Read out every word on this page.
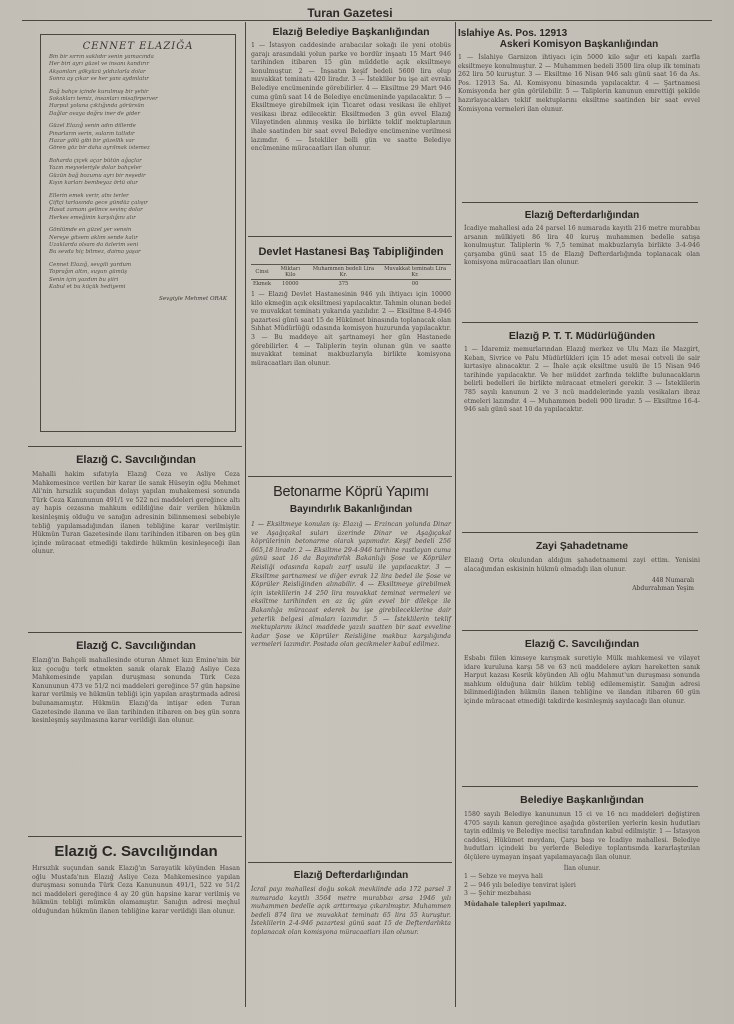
Turan Gazetesi

CENNET ELAZIĞA

Bin bir sırrın saklıdır senin yamacında

Her biri ayrı güzel ve insanı kandırır

Akşamları gökyüzü yıldızlarla dolar

Sonra ay çıkar ve her yanı aydınlatır

Bağ bahçe içinde kurulmuş bir şehir

Sokakları temiz, insanları misafirperver

Harput yoluna çıktığında görürsün

Dağlar ovaya doğru iner de gider

Güzel Elazığ senin adın dillerde

Pınarların serin, suların tatlıdır

Hazar gölü gibi bir güzellik var

Gören göz bir daha ayrılmak istemez

Baharda çiçek açar bütün ağaçlar

Yazın meyveleriyle dolar bahçeler

Güzün bağ bozumu ayrı bir neşedir

Kışın karları bembeyaz örtü olur

Ellerin emek verir, alnı terler

Çiftçi tarlasında gece gündüz çalışır

Hasat zamanı gelince sevinç dolar

Herkes emeğinin karşılığını alır

Gönlümde en güzel yer sensin

Nereye gitsem aklım sende kalır

Uzaklarda olsam da özlerim seni

Bu sevda hiç bitmez, daima yaşar

Cennet Elazığ, sevgili yurdum

Toprağın altın, suyun gümüş

Senin için yazdım bu şiiri

Kabul et bu küçük hediyemi

Sevgiyle Mehmet ORAK

Elazığ C. Savcılığından

Mahalli hakim sıfatıyla Elazığ Ceza ve Asliye Ceza Mahkemesince verilen bir karar ile sanık Hüseyin oğlu Mehmet Ali'nin hırsızlık suçundan dolayı yapılan muhakemesi sonunda Türk Ceza Kanununun 491/1 ve 522 nci maddeleri gereğince altı ay hapis cezasına mahkum edildiğine dair verilen hükmün kesinleşmiş olduğu ve sanığın adresinin bilinmemesi sebebiyle tebliğ yapılamadığından ilanen tebliğine karar verilmiştir. Hükmün Turan Gazetesinde ilanı tarihinden itibaren on beş gün içinde müracaat etmediği takdirde hükmün kesinleşeceği ilan olunur.

Elazığ C. Savcılığından

Elazığ'ın Bahçeli mahallesinde oturan Ahmet kızı Emine'nin bir kız çocuğu terk etmekten sanık olarak Elazığ Asliye Ceza Mahkemesinde yapılan duruşması sonunda Türk Ceza Kanununun 473 ve 51/2 nci maddeleri gereğince 57 gün hapsine karar verilmiş ve hükmün tebliği için yapılan araştırmada adresi bulunamamıştır. Hükmün Elazığ'da intişar eden Turan Gazetesinde ilanına ve ilan tarihinden itibaren on beş gün sonra kesinleşmiş sayılmasına karar verildiği ilan olunur.

Elazığ C. Savcılığından

Hırsızlık suçundan sanık Elazığ'ın Sarayatik köyünden Hasan oğlu Mustafa'nın Elazığ Asliye Ceza Mahkemesince yapılan duruşması sonunda Türk Ceza Kanununun 491/1, 522 ve 51/2 nci maddeleri gereğince 4 ay 20 gün hapsine karar verilmiş ve hükmün tebliği mümkün olamamıştır. Sanığın adresi meçhul olduğundan hükmün ilanen tebliğine karar verildiği ilan olunur.

Elazığ Belediye Başkanlığından

1 — İstasyon caddesinde arabacılar sokağı ile yeni otobüs garajı arasındaki yolun parke ve bordür inşaatı 15 Mart 946 tarihinden itibaren 15 gün müddetle açık eksiltmeye konulmuştur. 2 — İnşaatın keşif bedeli 5600 lira olup muvakkat teminatı 420 liradır. 3 — İstekliler bu işe ait evrakı Belediye encümeninde görebilirler. 4 — Eksiltme 29 Mart 946 cuma günü saat 14 de Belediye encümeninde yapılacaktır. 5 — Eksiltmeye girebilmek için Ticaret odası vesikası ile ehliyet vesikası ibraz edilecektir. Eksiltmeden 3 gün evvel Elazığ Vilayetinden alınmış vesika ile birlikte teklif mektuplarının ihale saatinden bir saat evvel Belediye encümenine verilmesi lazımdır. 6 — İstekliler belli gün ve saatte Belediye encümenine müracaatları ilan olunur.

Devlet Hastanesi Baş Tabipliğinden

Cinsi	Miktarı Kilo	Muhammen bedeli Lira Kr.	Muvakkat teminatı Lira Kr.
Ekmek	10000	375	00

1 — Elazığ Devlet Hastanesinin 946 yılı ihtiyacı için 10000 kilo ekmeğin açık eksiltmesi yapılacaktır. Tahmin olunan bedel ve muvakkat teminatı yukarıda yazılıdır. 2 — Eksiltme 8-4-946 pazartesi günü saat 15 de Hükümet binasında toplanacak olan Sıhhat Müdürlüğü odasında komisyon huzurunda yapılacaktır. 3 — Bu maddeye ait şartnameyi her gün Hastanede görebilirler. 4 — Taliplerin teyin olunan gün ve saatte muvakkat teminat makbuzlarıyla birlikte komisyona müracaatları ilan olunur.

Betonarme Köprü Yapımı

Bayındırlık Bakanlığından

1 — Eksiltmeye konulan iş: Elazığ — Erzincan yolunda Dinar ve Aşağıçakal suları üzerinde Dinar ve Aşağıçakal köprülerinin betonarme olarak yapımıdır. Keşif bedeli 256 665,18 liradır. 2 — Eksiltme 29-4-946 tarihine rastlayan cuma günü saat 16 da Bayındırlık Bakanlığı Şose ve Köprüler Reisliği odasında kapalı zarf usulü ile yapılacaktır. 3 — Eksiltme şartnamesi ve diğer evrak 12 lira bedel ile Şose ve Köprüler Reisliğinden alınabilir. 4 — Eksiltmeye girebilmek için isteklilerin 14 250 lira muvakkat teminat vermeleri ve eksiltme tarihinden en az üç gün evvel bir dilekçe ile Bakanlığa müracaat ederek bu işe girebileceklerine dair yeterlik belgesi almaları lazımdır. 5 — İsteklilerin teklif mektuplarını ikinci maddede yazılı saatten bir saat evveline kadar Şose ve Köprüler Reisliğine makbuz karşılığında vermeleri lazımdır. Postada olan gecikmeler kabul edilmez.

Elazığ Defterdarlığından

İcral payı mahallesi doğu sokak mevkiinde ada 172 parsel 3 numarada kayıtlı 3564 metre murabbaı arsa 1946 yılı muhammen bedelle açık arttırmaya çıkarılmıştır. Muhammen bedeli 874 lira ve muvakkat teminatı 65 lira 55 kuruştur. İsteklilerin 2-4-946 pazartesi günü saat 15 de Defterdarlıkta toplanacak olan komisyona müracaatları ilan olunur.

Islahiye As. Pos. 12913

Askeri Komisyon Başkanlığından

1 — İslahiye Garnizon ihtiyacı için 5000 kilo sığır eti kapalı zarfla eksiltmeye konulmuştur. 2 — Muhammen bedeli 3500 lira olup ilk teminatı 262 lira 50 kuruştur. 3 — Eksiltme 16 Nisan 946 salı günü saat 16 da As. Pos. 12913 Sa. Al. Komisyonu binasında yapılacaktır. 4 — Şartnamesi Komisyonda her gün görülebilir. 5 — Taliplerin kanunun emrettiği şekilde hazırlayacakları teklif mektuplarını eksiltme saatinden bir saat evvel Komisyona vermeleri ilan olunur.

Elazığ Defterdarlığından

İcadiye mahallesi ada 24 parsel 16 numarada kayıtlı 216 metre murabbaı arsanın mülkiyeti 86 lira 40 kuruş muhammen bedelle satışa konulmuştur. Taliplerin % 7,5 teminat makbuzlarıyla birlikte 3-4-946 çarşamba günü saat 15 de Elazığ Defterdarlığında toplanacak olan komisyona müracaatları ilan olunur.

Elazığ P. T. T. Müdürlüğünden

1 — İdaremiz memurlarından Elazığ merkez ve Ulu Mazı ile Mazgirt, Keban, Sivrice ve Palu Müdürlükleri için 15 adet mesai cetveli ile sair kırtasiye alınacaktır. 2 — İhale açık eksiltme usulü ile 15 Nisan 946 tarihinde yapılacaktır. Ve her müddet zarfında teklifte bulunacakların belirli bedelleri ile birlikte müracaat etmeleri gerekir. 3 — İsteklilerin 785 sayılı kanunun 2 ve 3 ncü maddelerinde yazılı vesikaları ibraz etmeleri lazımdır. 4 — Muhammen bedeli 900 liradır. 5 — Eksiltme 16-4-946 salı günü saat 10 da yapılacaktır.

Zayi Şahadetname

Elazığ Orta okulundan aldığım şahadetnamemi zayi ettim. Yenisini alacağımdan eskisinin hükmü olmadığı ilan olunur.

448 Numaralı
Abdurrahman Yeşim

Elazığ C. Savcılığından

Esbabı fiilen kimseye karışmak suretiyle Mülk mahkemesi ve vilayet idare kuruluna karşı 58 ve 63 ncü maddelere aykırı hareketten sanık Harput kazası Kesrik köyünden Ali oğlu Mahmut'un duruşması sonunda mahkum olduğuna dair hüküm tebliğ edilememiştir. Sanığın adresi bilinmediğinden hükmün ilanen tebliğine ve ilandan itibaren 60 gün içinde müracaat etmediği takdirde kesinleşmiş sayılacağı ilan olunur.

Belediye Başkanlığından

1580 sayılı Belediye kanununun 15 ci ve 16 ncı maddeleri değiştiren 4705 sayılı kanun gereğince aşağıda gösterilen yerlerin kesin hudutları tayin edilmiş ve Belediye meclisi tarafından kabul edilmiştir. 1 — İstasyon caddesi, Hükümet meydanı, Çarşı başı ve İcadiye mahallesi. Belediye hudutları içindeki bu yerlerde Belediye toplantısında kararlaştırılan ölçülere uymayan inşaat yapılamayacağı ilan olunur.

İlan olunur.

1 — Sebze ve meyva hali

2 — 946 yılı belediye tenvirat işleri

3 — Şehir mezbahası

Müdahale talepleri yapılmaz.
